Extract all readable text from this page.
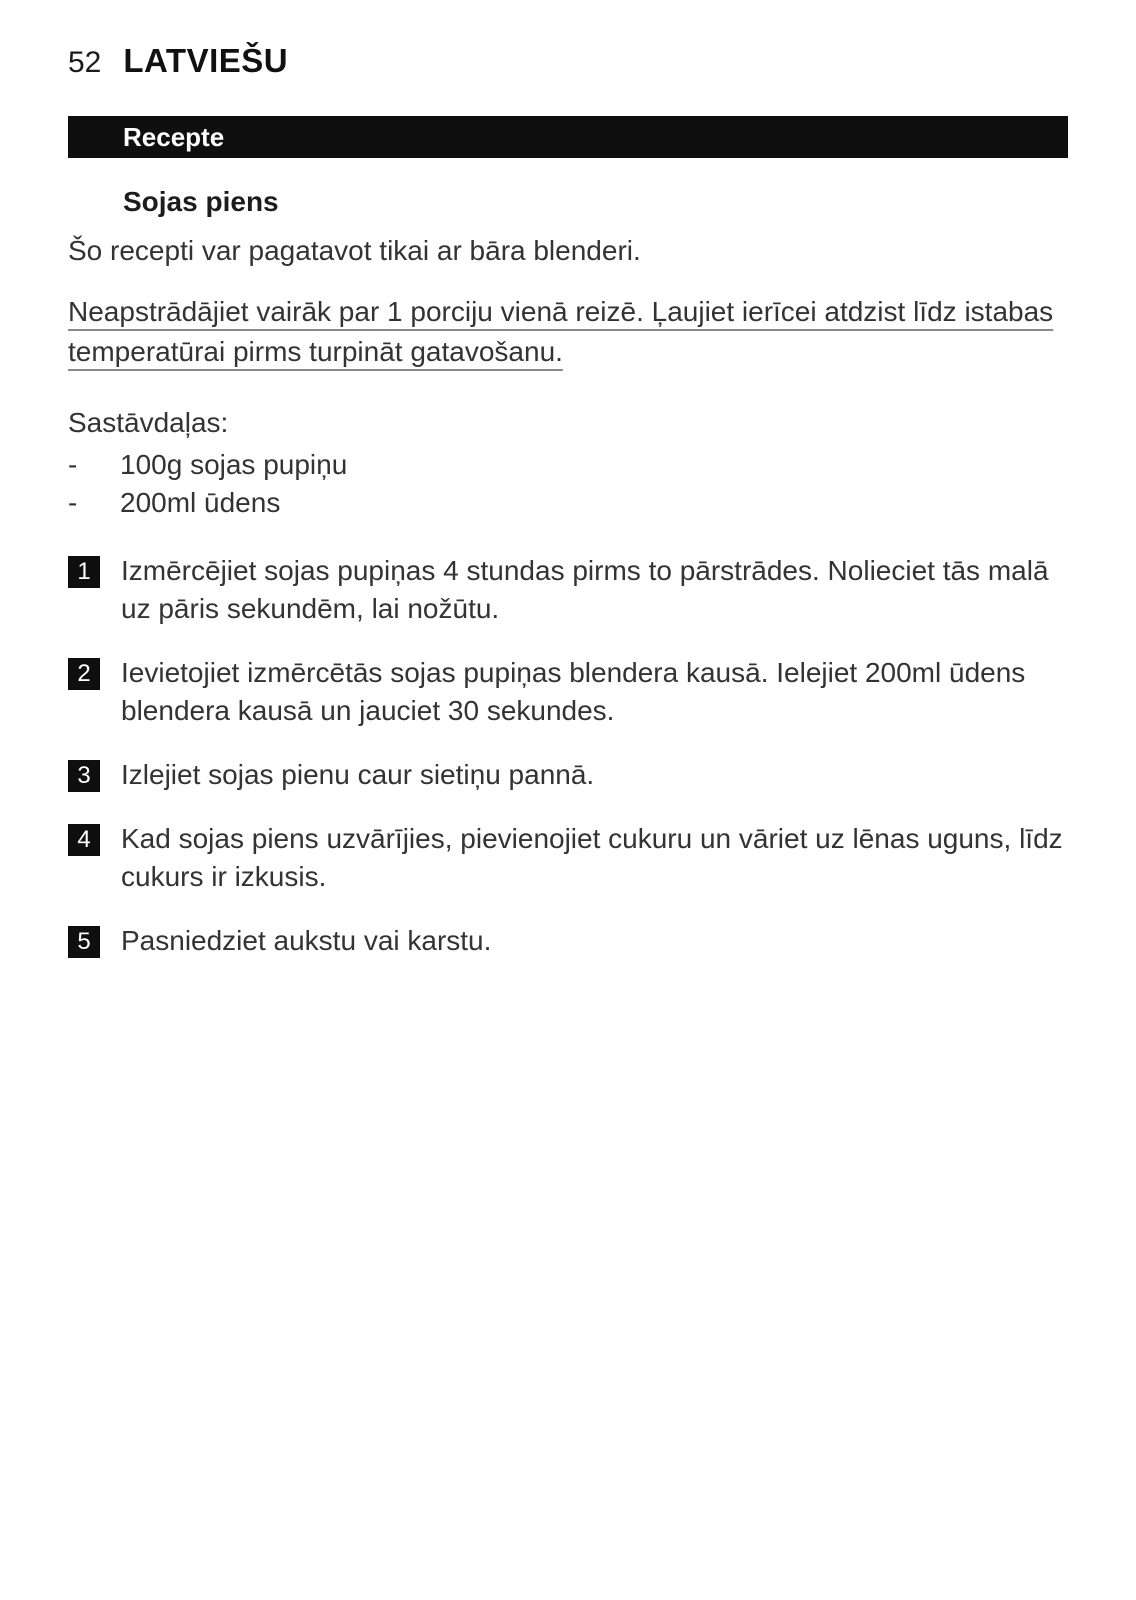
52 LATVIEŠU
Recepte
Sojas piens

Šo recepti var pagatavot tikai ar bāra blenderi.

Neapstrādājiet vairāk par 1 porciju vienā reizē. Ļaujiet ierīcei atdzist līdz istabas temperatūrai pirms turpināt gatavošanu.

Sastāvdaļas:

-	100g sojas pupiņu
-	200ml ūdens
1	Izmērcējiet sojas pupiņas 4 stundas pirms to pārstrādes. Nolieciet tās malā uz pāris sekundēm, lai nožūtu.
2	Ievietojiet izmērcētās sojas pupiņas blendera kausā. Ielejiet 200ml ūdens blendera kausā un jauciet 30 sekundes.
3	Izlejiet sojas pienu caur sietiņu pannā.
4	Kad sojas piens uzvārījies, pievienojiet cukuru un vāriet uz lēnas uguns, līdz cukurs ir izkusis.
5	Pasniedziet aukstu vai karstu.
